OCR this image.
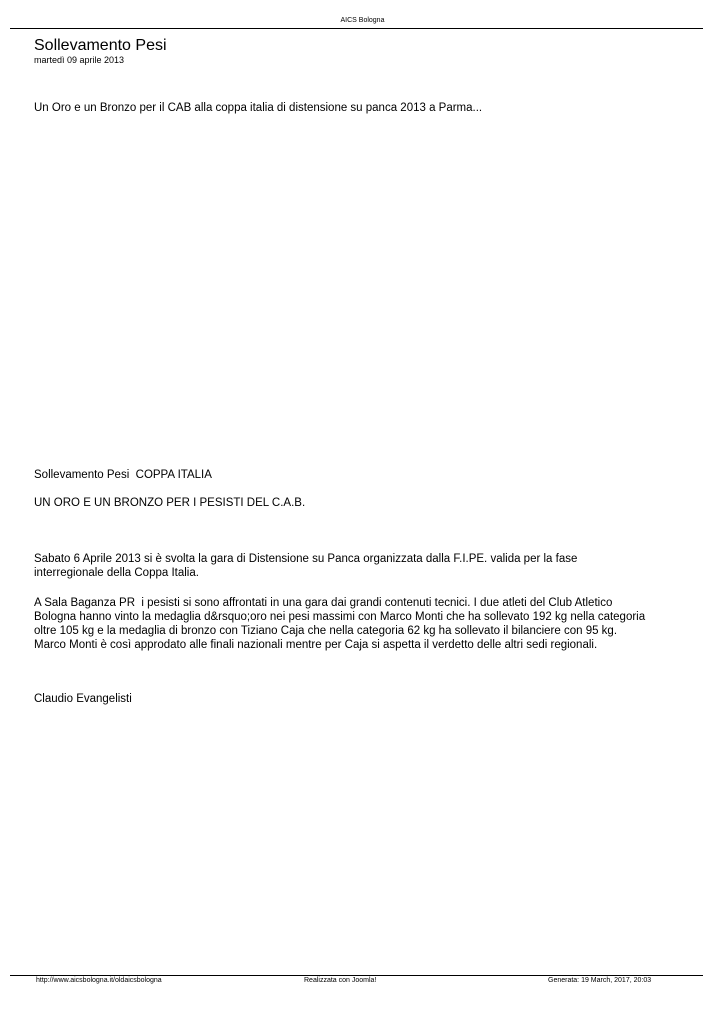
AICS Bologna
Sollevamento Pesi
martedì 09 aprile 2013
Un Oro e un Bronzo per il CAB alla coppa italia di distensione su panca 2013 a Parma...

Sollevamento Pesi  COPPA ITALIA

UN ORO E UN BRONZO PER I PESISTI DEL C.A.B.

Sabato 6 Aprile 2013 si è svolta la gara di Distensione su Panca organizzata dalla F.I.PE. valida per la fase
interregionale della Coppa Italia.

A Sala Baganza PR  i pesisti si sono affrontati in una gara dai grandi contenuti tecnici. I due atleti del Club Atletico
Bologna hanno vinto la medaglia d&rsquo;oro nei pesi massimi con Marco Monti che ha sollevato 192 kg nella categoria
oltre 105 kg e la medaglia di bronzo con Tiziano Caja che nella categoria 62 kg ha sollevato il bilanciere con 95 kg.
Marco Monti è così approdato alle finali nazionali mentre per Caja si aspetta il verdetto delle altri sedi regionali.

Claudio Evangelisti

http://www.aicsbologna.it/oldaicsbologna	Realizzata con Joomla!	Generata: 19 March, 2017, 20:03
